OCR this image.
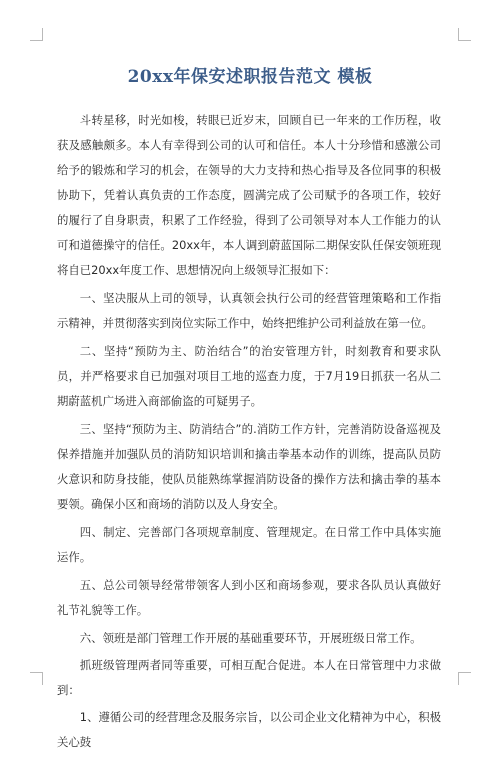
20xx年保安述职报告范文 模板

斗转星移，时光如梭，转眼已近岁末，回顾自已一年来的工作历程，收获及感触颇多。本人有幸得到公司的认可和信任。本人十分珍惜和感激公司给予的锻炼和学习的机会，在领导的大力支持和热心指导及各位同事的积极协助下，凭着认真负责的工作态度，圆满完成了公司赋予的各项工作，较好的履行了自身职责，积累了工作经验，得到了公司领导对本人工作能力的认可和道德操守的信任。20xx年，本人调到蔚蓝国际二期保安队任保安领班现将自已20xx年度工作、思想情况向上级领导汇报如下：

一、坚决服从上司的领导，认真领会执行公司的经营管理策略和工作指示精神，并贯彻落实到岗位实际工作中，始终把维护公司利益放在第一位。

二、坚持“预防为主、防治结合”的治安管理方针，时刻教育和要求队员，并严格要求自已加强对项目工地的巡查力度，于7月19日抓获一名从二期蔚蓝机广场进入商部偷盗的可疑男子。

三、坚持“预防为主、防消结合”的.消防工作方针，完善消防设备巡视及保养措施并加强队员的消防知识培训和擒击拳基本动作的训练，提高队员防火意识和防身技能，使队员能熟练掌握消防设备的操作方法和擒击拳的基本要领。确保小区和商场的消防以及人身安全。

四、制定、完善部门各项规章制度、管理规定。在日常工作中具体实施运作。

五、总公司领导经常带领客人到小区和商场参观，要求各队员认真做好礼节礼貌等工作。

六、领班是部门管理工作开展的基础重要环节，开展班级日常工作。

抓班级管理两者同等重要，可相互配合促进。本人在日常管理中力求做到：

1、遵循公司的经营理念及服务宗旨，以公司企业文化精神为中心，积极关心鼓
